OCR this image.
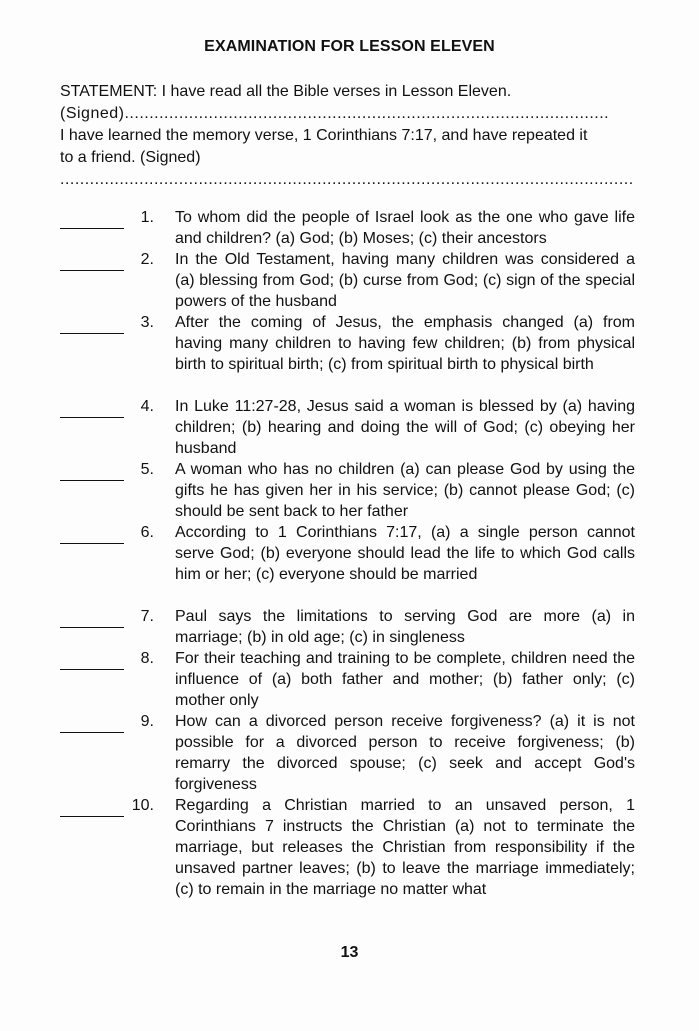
EXAMINATION FOR LESSON ELEVEN
STATEMENT: I have read all the Bible verses in Lesson Eleven.
(Signed)..................................................................................................
I have learned the memory verse, 1 Corinthians 7:17, and have repeated it
to a friend. (Signed)
....................................................................................................................
1. To whom did the people of Israel look as the one who gave life and children? (a) God; (b) Moses; (c) their ancestors
2. In the Old Testament, having many children was considered a (a) blessing from God; (b) curse from God; (c) sign of the special powers of the husband
3. After the coming of Jesus, the emphasis changed (a) from having many children to having few children; (b) from physical birth to spiritual birth; (c) from spiritual birth to physical birth
4. In Luke 11:27-28, Jesus said a woman is blessed by (a) having children; (b) hearing and doing the will of God; (c) obeying her husband
5. A woman who has no children (a) can please God by using the gifts he has given her in his service; (b) cannot please God; (c) should be sent back to her father
6. According to 1 Corinthians 7:17, (a) a single person cannot serve God; (b) everyone should lead the life to which God calls him or her; (c) everyone should be married
7. Paul says the limitations to serving God are more (a) in marriage; (b) in old age; (c) in singleness
8. For their teaching and training to be complete, children need the influence of (a) both father and mother; (b) father only; (c) mother only
9. How can a divorced person receive forgiveness? (a) it is not possible for a divorced person to receive forgiveness; (b) remarry the divorced spouse; (c) seek and accept God's forgiveness
10. Regarding a Christian married to an unsaved person, 1 Corinthians 7 instructs the Christian (a) not to terminate the marriage, but releases the Christian from responsibility if the unsaved partner leaves; (b) to leave the marriage immediately; (c) to remain in the marriage no matter what
13
